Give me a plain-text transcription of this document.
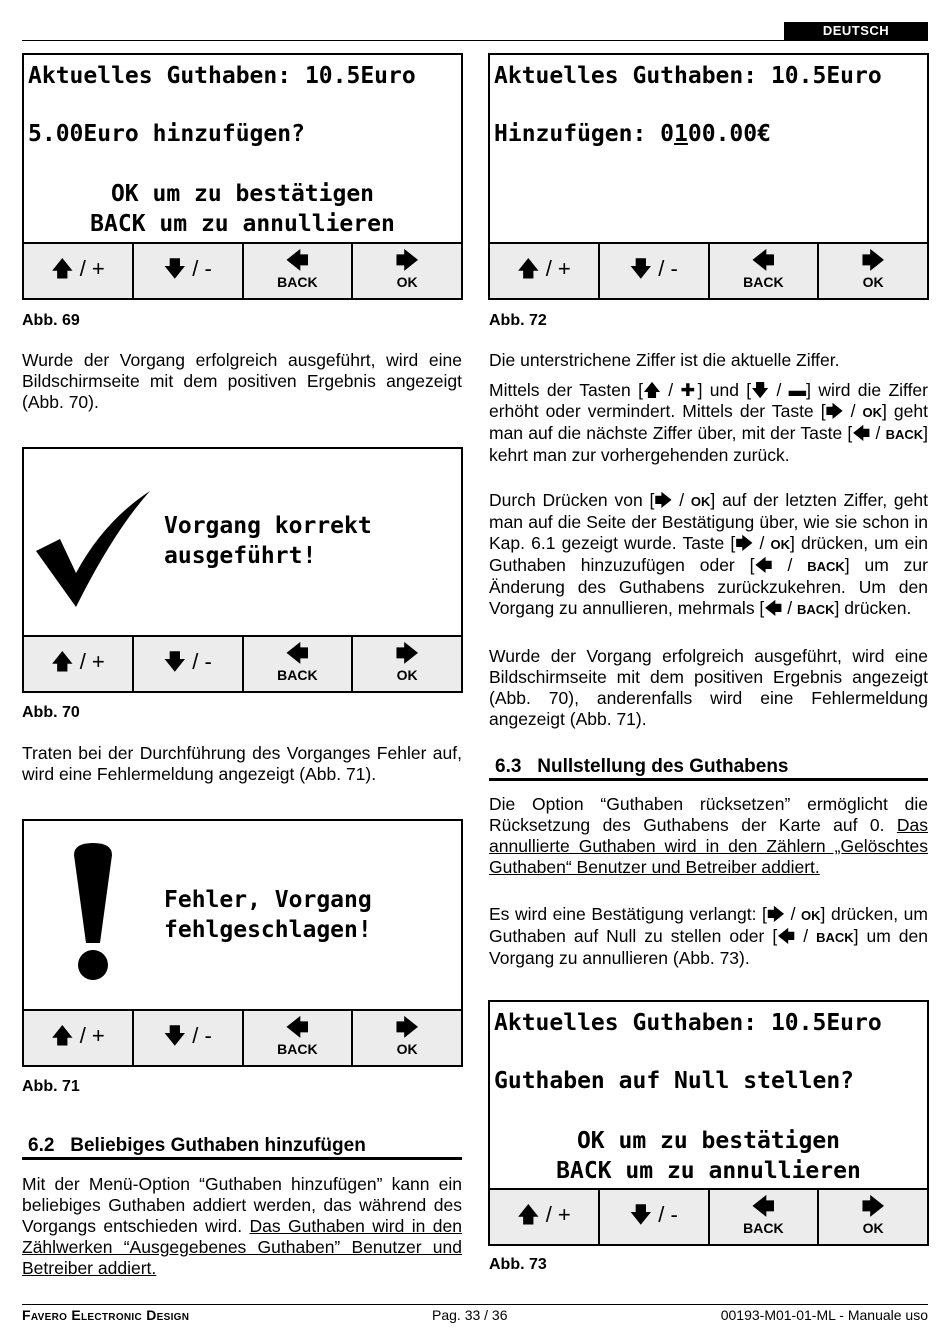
DEUTSCH
Aktuelles Guthaben: 10.5Euro
5.00Euro hinzufügen?
OK um zu bestätigen
BACK um zu annullieren
🡅 / +	🡇 / -	🡄
BACK
🡆
OK
Abb. 69
Aktuelles Guthaben: 10.5Euro
Hinzufügen: 0100.00€
🡅 / +	🡇 / -	🡄
BACK
🡆
OK
Abb. 72
Wurde der Vorgang erfolgreich ausgeführt, wird eine Bildschirmseite mit dem positiven Ergebnis angezeigt (Abb. 70).
Vorgang korrekt
ausgeführt!
🡅 / +	🡇 / -	🡄
BACK
🡆
OK
Abb. 70
Traten bei der Durchführung des Vorganges Fehler auf, wird eine Fehlermeldung angezeigt (Abb. 71).
Fehler, Vorgang
fehlgeschlagen!
🡅 / +	🡇 / -	🡄
BACK
🡆
OK
Abb. 71
6.2   Beliebiges Guthaben hinzufügen
Mit der Menü-Option “Guthaben hinzufügen” kann ein beliebiges Guthaben addiert werden, das während des Vorgangs entschieden wird. Das Guthaben wird in den Zählwerken “Ausgegebenes Guthaben” Benutzer und Betreiber addiert.
Die unterstrichene Ziffer ist die aktuelle Ziffer.
Mittels der Tasten [🡅 / ✚] und [🡇 / ▬] wird die Ziffer erhöht oder vermindert. Mittels der Taste [🡆 / OK] geht man auf die nächste Ziffer über, mit der Taste [🡄 / BACK] kehrt man zur vorhergehenden zurück.
Durch Drücken von [🡆 / OK] auf der letzten Ziffer, geht man auf die Seite der Bestätigung über, wie sie schon in Kap. 6.1 gezeigt wurde. Taste [🡆 / OK] drücken, um ein Guthaben hinzuzufügen oder [🡄 / BACK] um zur Änderung des Guthabens zurückzukehren. Um den Vorgang zu annullieren, mehrmals [🡄 / BACK] drücken.
Wurde der Vorgang erfolgreich ausgeführt, wird eine Bildschirmseite mit dem positiven Ergebnis angezeigt (Abb. 70), anderenfalls wird eine Fehlermeldung angezeigt (Abb. 71).
6.3   Nullstellung des Guthabens
Die Option “Guthaben rücksetzen” ermöglicht die Rücksetzung des Guthabens der Karte auf 0. Das annullierte Guthaben wird in den Zählern „Gelöschtes Guthaben“ Benutzer und Betreiber addiert.
Es wird eine Bestätigung verlangt: [🡆 / OK] drücken, um Guthaben auf Null zu stellen oder [🡄 / BACK] um den Vorgang zu annullieren (Abb. 73).
Aktuelles Guthaben: 10.5Euro
Guthaben auf Null stellen?
OK um zu bestätigen
BACK um zu annullieren
🡅 / +	🡇 / -	🡄
BACK
🡆
OK
Abb. 73
Favero Electronic Design	Pag. 33 / 36	00193-M01-01-ML - Manuale uso
